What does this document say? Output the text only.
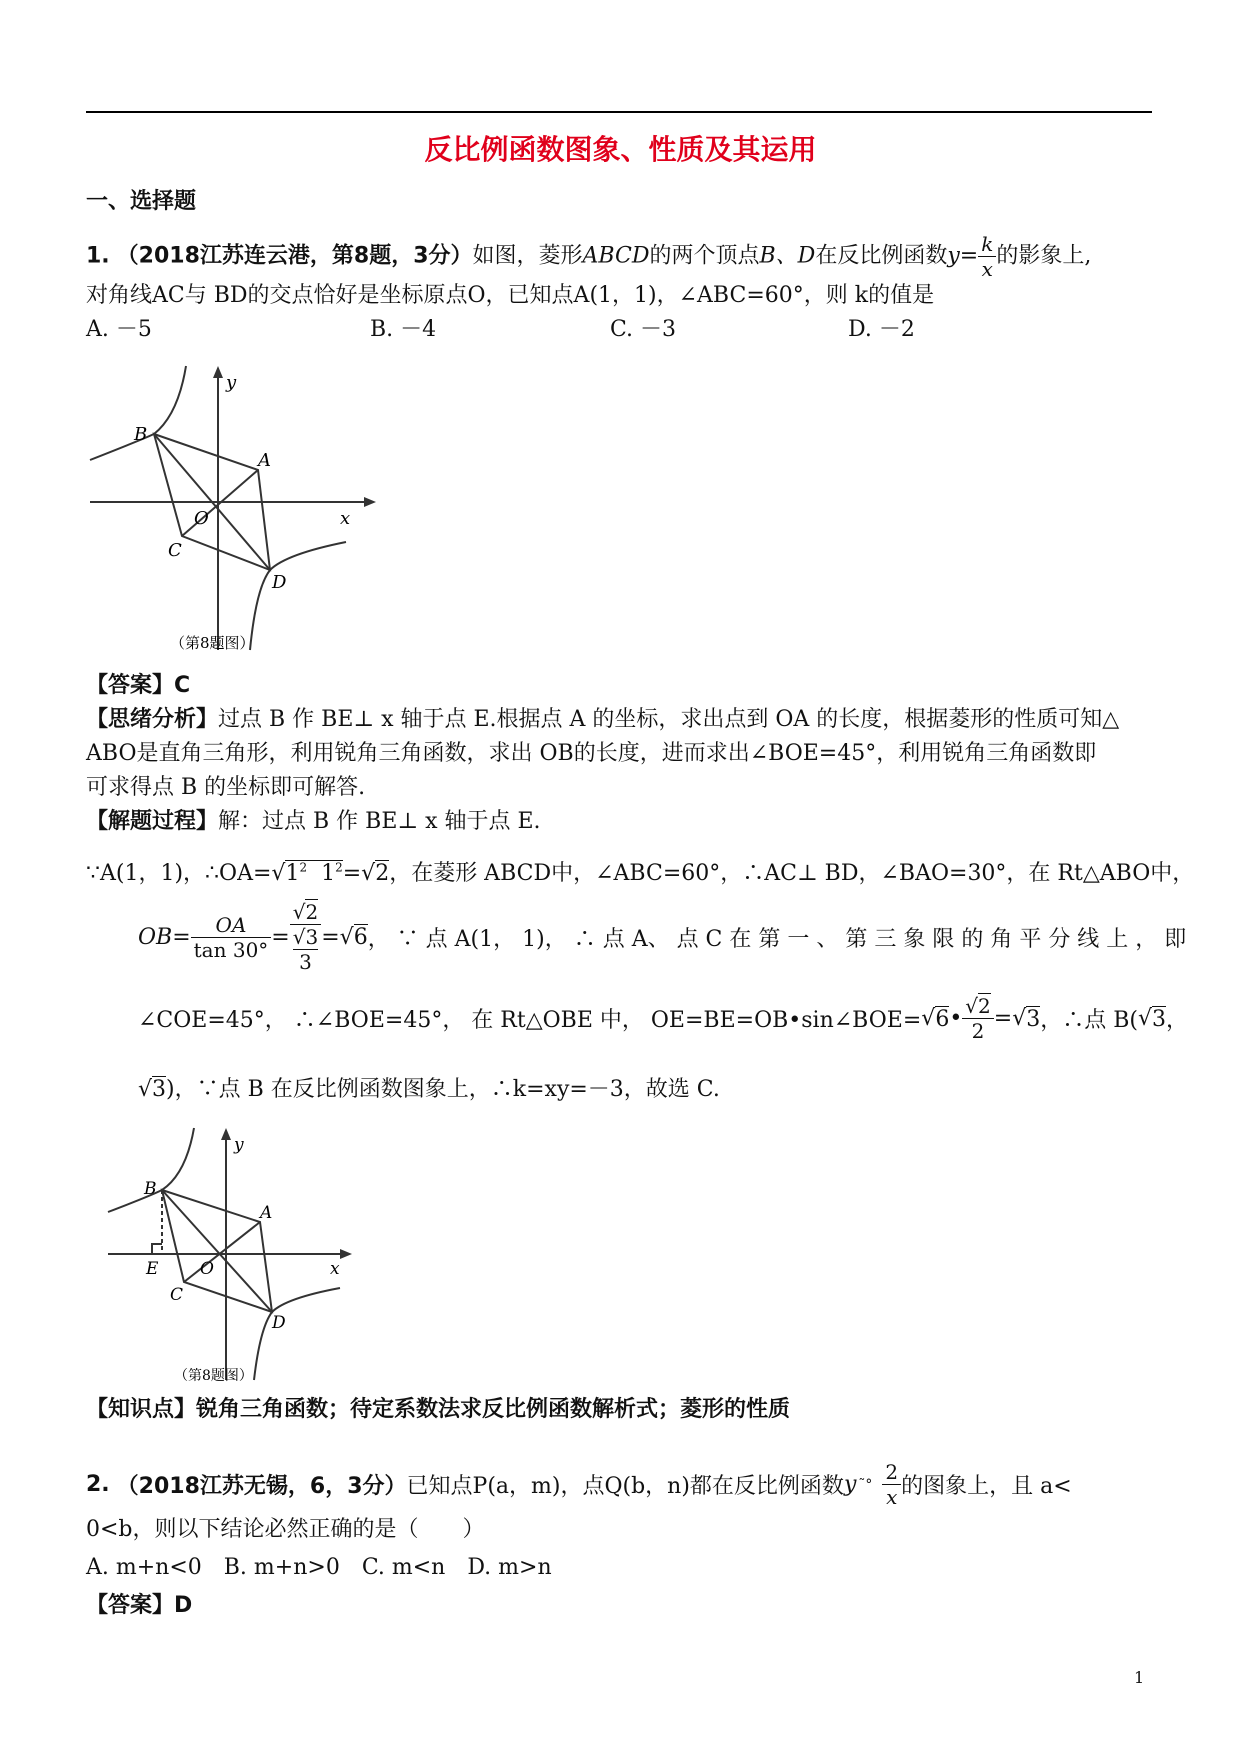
反比例函数图象、性质及其运用
一、选择题
1. （2018江苏连云港，第8题，3分）如图，菱形ABCD的两个顶点B、D在反比例函数$y= \frac{k}{x}$ 的影象上,
对角线AC与 BD的交点恰好是坐标原点O，已知点A(1，1)，∠ABC=60°，则 k的值是
A. －5	B. －4	C. －3	D. －2
y
x
O
A
B
C
D
（第8题图）
【答案】C
【思绪分析】过点 B 作 BE⊥ x 轴于点 E.根据点 A 的坐标，求出点到 OA 的长度，根据菱形的性质可知△
ABO是直角三角形，利用锐角三角函数，求出 OB的长度，进而求出∠BOE=45°，利用锐角三角函数即
可求得点 B 的坐标即可解答.
【解题过程】解：过点 B 作 BE⊥ x 轴于点 E.
∵A(1，1)，$\therefore OA=√1^2$ $1^2=√2$，在菱形 ABCD中，∠ABC=60°，∴AC⊥ BD，∠BAO=30°，在 Rt△ABO中，
$OB= \frac{OA}{\tan 30^\circ} = √2$
√3
3 = √ 6 ， ∵ 点 A(1， 1)， ∴ 点 A、 点 C 在 第 一 、 第 三 象 限 的 角 平 分 线 上 ， 即
∠COE=45°， ∴∠BOE=45°， 在 Rt△OBE 中， OE=BE=OB•sin∠BOE= √ 6 • $\frac{√2}{2}$ = √ 3 ，∴点 B( √ 3 ，
√3)，∵点 B 在反比例函数图象上，∴k=xy=－3，故选 C.
y
x
O
A
B
E
C
D
（第8题图）
【知识点】锐角三角函数；待定系数法求反比例函数解析式；菱形的性质
2.
（2018江苏无锡，6，3分） 已知点P(a，m)，点Q(b，n)都在反比例函数 y ˜° $\frac{2}{x}$ 的图象上，且 a<
0<b，则以下结论必然正确的是（　　）
A. m+n<0　B. m+n>0　C. m<n　D. m>n
【答案】D
1
